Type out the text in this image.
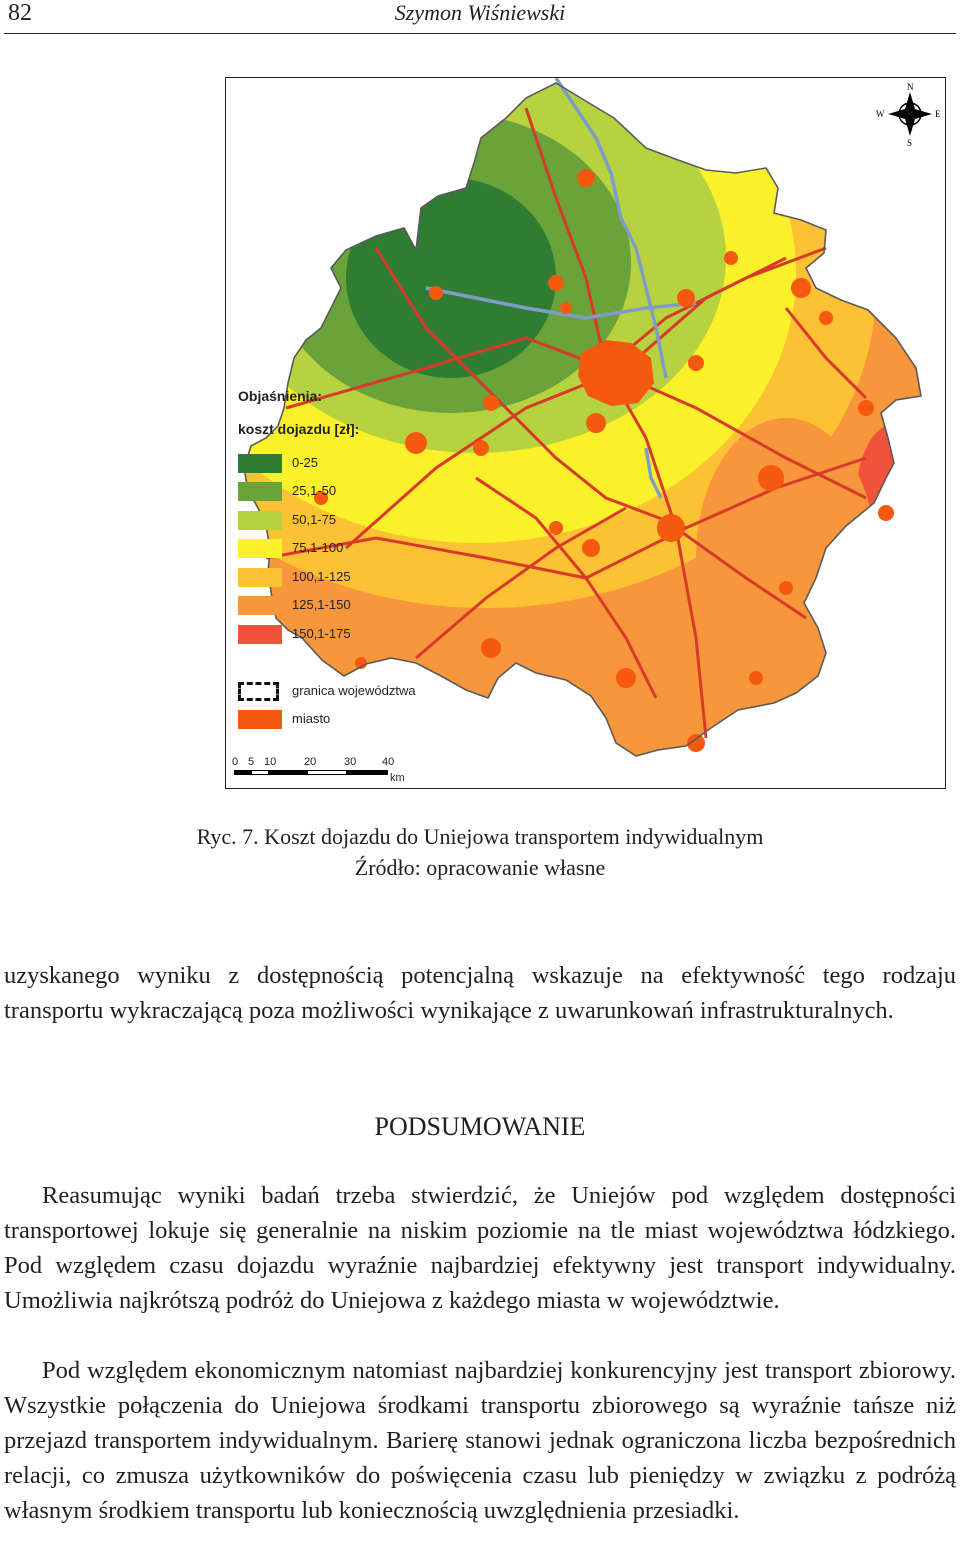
82	Szymon Wiśniewski
N
S
E
W
Objaśnienia:
koszt dojazdu [zł]:
0-25
25,1-50
50,1-75
75,1-100
100,1-125
125,1-150
150,1-175
granica województwa
miasto
0 5 10	20	30 40
km
Ryc. 7. Koszt dojazdu do Uniejowa transportem indywidualnym
Źródło: opracowanie własne

uzyskanego wyniku z dostępnością potencjalną wskazuje na efektywność tego rodzaju transportu wykraczającą poza możliwości wynikające z uwarunkowań infrastrukturalnych.

PODSUMOWANIE

Reasumując wyniki badań trzeba stwierdzić, że Uniejów pod względem dostępności transportowej lokuje się generalnie na niskim poziomie na tle miast województwa łódzkiego. Pod względem czasu dojazdu wyraźnie najbardziej efektywny jest transport indywidualny. Umożliwia najkrótszą podróż do Uniejowa z każdego miasta w województwie.

Pod względem ekonomicznym natomiast najbardziej konkurencyjny jest transport zbiorowy. Wszystkie połączenia do Uniejowa środkami transportu zbiorowego są wyraźnie tańsze niż przejazd transportem indywidualnym. Barierę stanowi jednak ograniczona liczba bezpośrednich relacji, co zmusza użytkowników do poświęcenia czasu lub pieniędzy w związku z podróżą własnym środkiem transportu lub koniecznością uwzględnienia przesiadki.
